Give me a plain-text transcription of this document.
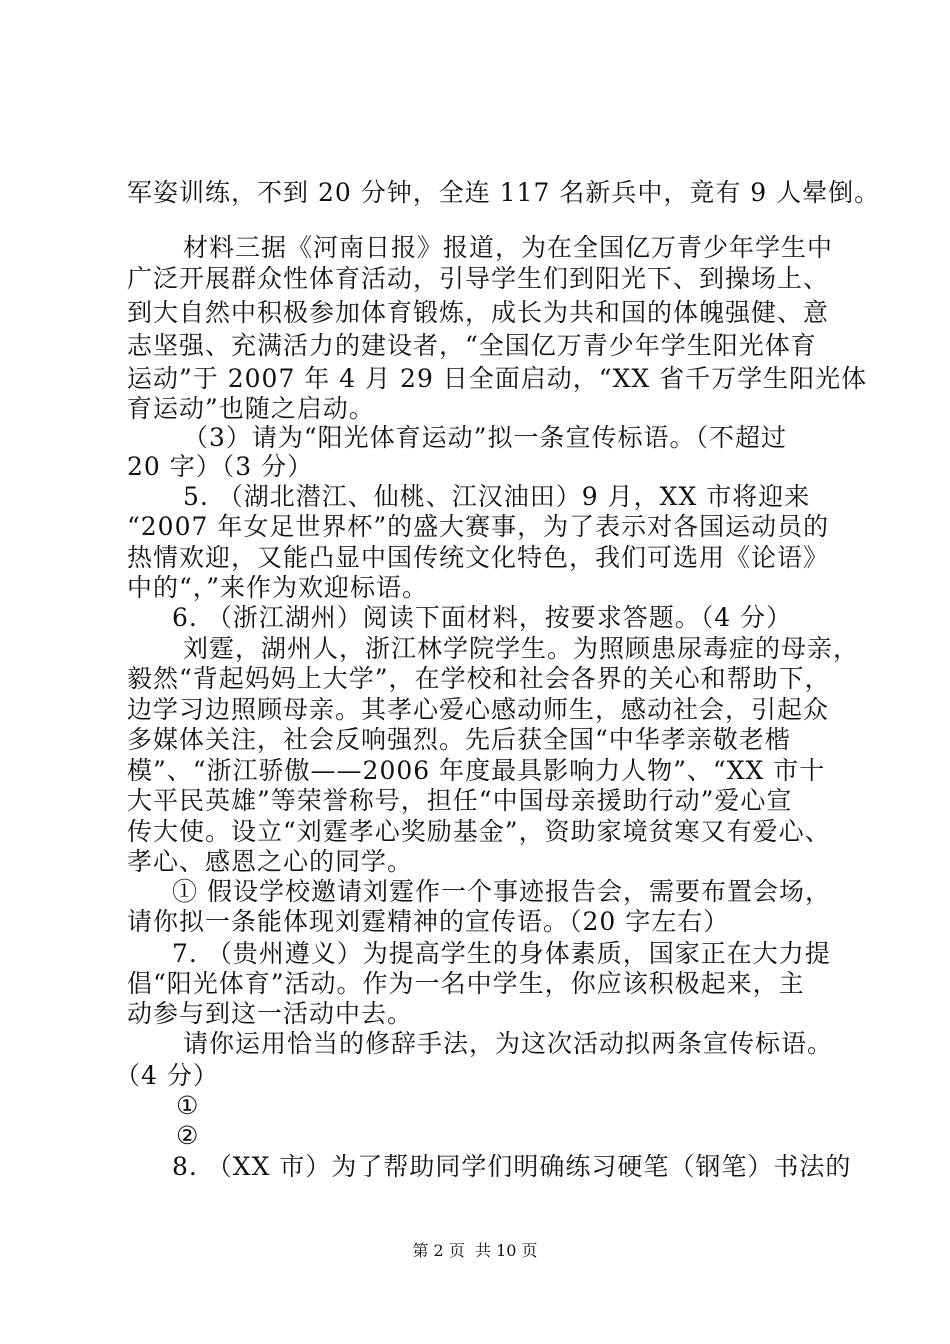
军姿训练，不到 20 分钟，全连 117 名新兵中，竟有 9 人晕倒。
材料三据《河南日报》报道，为在全国亿万青少年学生中
广泛开展群众性体育活动，引导学生们到阳光下、到操场上、
到大自然中积极参加体育锻炼，成长为共和国的体魄强健、意
志坚强、充满活力的建设者，“全国亿万青少年学生阳光体育
运动”于 2007 年 4 月 29 日全面启动，“XX 省千万学生阳光体
育运动”也随之启动。
（3）请为“阳光体育运动”拟一条宣传标语。（不超过
20 字）（3 分）
5. （湖北潜江、仙桃、江汉油田）9 月，XX 市将迎来
“2007 年女足世界杯”的盛大赛事，为了表示对各国运动员的
热情欢迎，又能凸显中国传统文化特色，我们可选用《论语》
中的“，”来作为欢迎标语。
6. （浙江湖州）阅读下面材料，按要求答题。（4 分）
刘霆，湖州人，浙江林学院学生。为照顾患尿毒症的母亲，
毅然“背起妈妈上大学”，在学校和社会各界的关心和帮助下，
边学习边照顾母亲。其孝心爱心感动师生，感动社会，引起众
多媒体关注，社会反响强烈。先后获全国“中华孝亲敬老楷
模”、“浙江骄傲——2006 年度最具影响力人物”、“XX 市十
大平民英雄”等荣誉称号，担任“中国母亲援助行动”爱心宣
传大使。设立“刘霆孝心奖励基金”，资助家境贫寒又有爱心、
孝心、感恩之心的同学。
① 假设学校邀请刘霆作一个事迹报告会，需要布置会场，
请你拟一条能体现刘霆精神的宣传语。（20 字左右）
7. （贵州遵义）为提高学生的身体素质，国家正在大力提
倡“阳光体育”活动。作为一名中学生，你应该积极起来，主
动参与到这一活动中去。
请你运用恰当的修辞手法，为这次活动拟两条宣传标语。
（4 分）
①
②
8. （XX 市）为了帮助同学们明确练习硬笔（钢笔）书法的
第 2 页  共 10 页
